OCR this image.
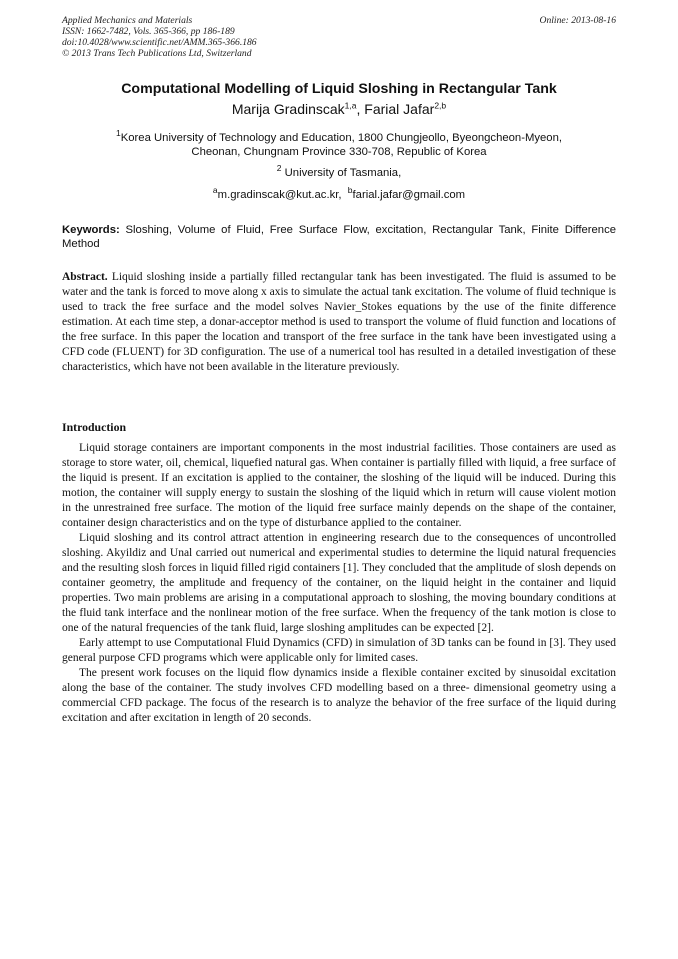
Applied Mechanics and Materials
ISSN: 1662-7482, Vols. 365-366, pp 186-189
doi:10.4028/www.scientific.net/AMM.365-366.186
© 2013 Trans Tech Publications Ltd, Switzerland
Online: 2013-08-16
Computational Modelling of Liquid Sloshing in Rectangular Tank
Marija Gradinscak$^{1,a}$, Farial Jafar$^{2,b}$
$^1$Korea University of Technology and Education, 1800 Chungjeollo, Byeongcheon-Myeon,
Cheonan, Chungnam Province 330-708, Republic of Korea
$^2$ University of Tasmania,
$^a$m.gradinscak@kut.ac.kr, $^b$farial.jafar@gmail.com
Keywords: Sloshing, Volume of Fluid, Free Surface Flow, excitation, Rectangular Tank, Finite Difference Method

Abstract. Liquid sloshing inside a partially filled rectangular tank has been investigated. The fluid is assumed to be water and the tank is forced to move along x axis to simulate the actual tank excitation. The volume of fluid technique is used to track the free surface and the model solves Navier_Stokes equations by the use of the finite difference estimation. At each time step, a donar-acceptor method is used to transport the volume of fluid function and locations of the free surface. In this paper the location and transport of the free surface in the tank have been investigated using a CFD code (FLUENT) for 3D configuration. The use of a numerical tool has resulted in a detailed investigation of these characteristics, which have not been available in the literature previously.

Introduction

Liquid storage containers are important components in the most industrial facilities. Those containers are used as storage to store water, oil, chemical, liquefied natural gas. When container is partially filled with liquid, a free surface of the liquid is present. If an excitation is applied to the container, the sloshing of the liquid will be induced. During this motion, the container will supply energy to sustain the sloshing of the liquid which in return will cause violent motion in the unrestrained free surface. The motion of the liquid free surface mainly depends on the shape of the container, container design characteristics and on the type of disturbance applied to the container.

Liquid sloshing and its control attract attention in engineering research due to the consequences of uncontrolled sloshing. Akyildiz and Unal carried out numerical and experimental studies to determine the liquid natural frequencies and the resulting slosh forces in liquid filled rigid containers [1]. They concluded that the amplitude of slosh depends on container geometry, the amplitude and frequency of the container, on the liquid height in the container and liquid properties. Two main problems are arising in a computational approach to sloshing, the moving boundary conditions at the fluid tank interface and the nonlinear motion of the free surface. When the frequency of the tank motion is close to one of the natural frequencies of the tank fluid, large sloshing amplitudes can be expected [2].

Early attempt to use Computational Fluid Dynamics (CFD) in simulation of 3D tanks can be found in [3]. They used general purpose CFD programs which were applicable only for limited cases.

The present work focuses on the liquid flow dynamics inside a flexible container excited by sinusoidal excitation along the base of the container. The study involves CFD modelling based on a three- dimensional geometry using a commercial CFD package. The focus of the research is to analyze the behavior of the free surface of the liquid during excitation and after excitation in length of 20 seconds.
